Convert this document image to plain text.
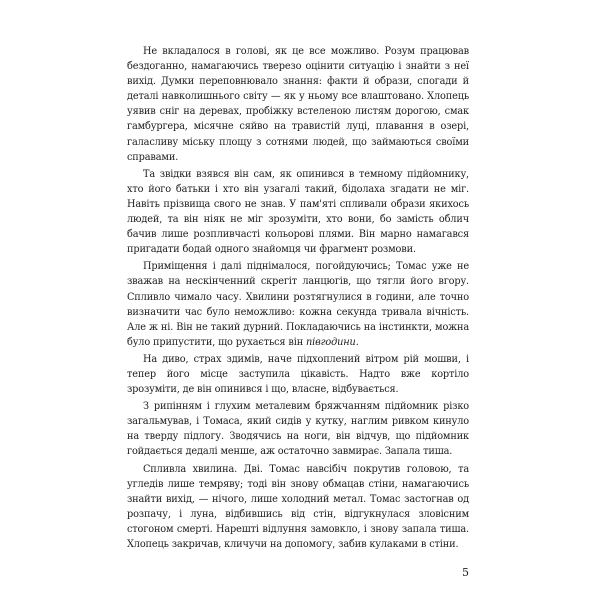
Не вкладалося в голові, як це все можливо. Розум працював бездоганно, намагаючись тверезо оцінити ситуацію і знайти з неї вихід. Думки переповнювало знання: факти й образи, спогади й деталі навколишнього світу — як у ньому все влаштовано. Хлопець уявив сніг на деревах, пробіжку встеленою листям дорогою, смак гамбургера, місячне сяйво на травистій луці, плавання в озері, галасливу міську площу з сотнями людей, що займаються своїми справами.

Та звідки взявся він сам, як опинився в темному підйомнику, хто його батьки і хто він узагалі такий, бідолаха згадати не міг. Навіть прізвища свого не знав. У пам'яті спливали образи якихось людей, та він ніяк не міг зрозуміти, хто вони, бо замість облич бачив лише розпливчасті кольорові плями. Він марно намагався пригадати бодай одного знайомця чи фрагмент розмови.

Приміщення і далі піднімалося, погойдуючись; Томас уже не зважав на нескінченний скрегіт ланцюгів, що тягли його вгору. Спливло чимало часу. Хвилини розтягнулися в години, але точно визначити час було неможливо: кожна секунда тривала вічність. Але ж ні. Він не такий дурний. Покладаючись на інстинкти, можна було припустити, що рухається він півгодини.

На диво, страх здимів, наче підхоплений вітром рій мошви, і тепер його місце заступила цікавість. Надто вже кортіло зрозуміти, де він опинився і що, власне, відбувається.

З рипінням і глухим металевим бряжчанням підйомник різко загальмував, і Томаса, який сидів у кутку, наглим ривком кинуло на тверду підлогу. Зводячись на ноги, він відчув, що підйомник гойдається дедалі менше, аж остаточно завмирає. Запала тиша.

Спливла хвилина. Дві. Томас навсібіч покрутив головою, та угледів лише темряву; тоді він знову обмацав стіни, намагаючись знайти вихід, — нічого, лише холодний метал. Томас застогнав од розпачу, і луна, відбившись від стін, відгукнулася зловісним стогоном смерті. Нарешті відлуння замовкло, і знову запала тиша. Хлопець закричав, кличучи на допомогу, забив кулаками в стіни.

5
